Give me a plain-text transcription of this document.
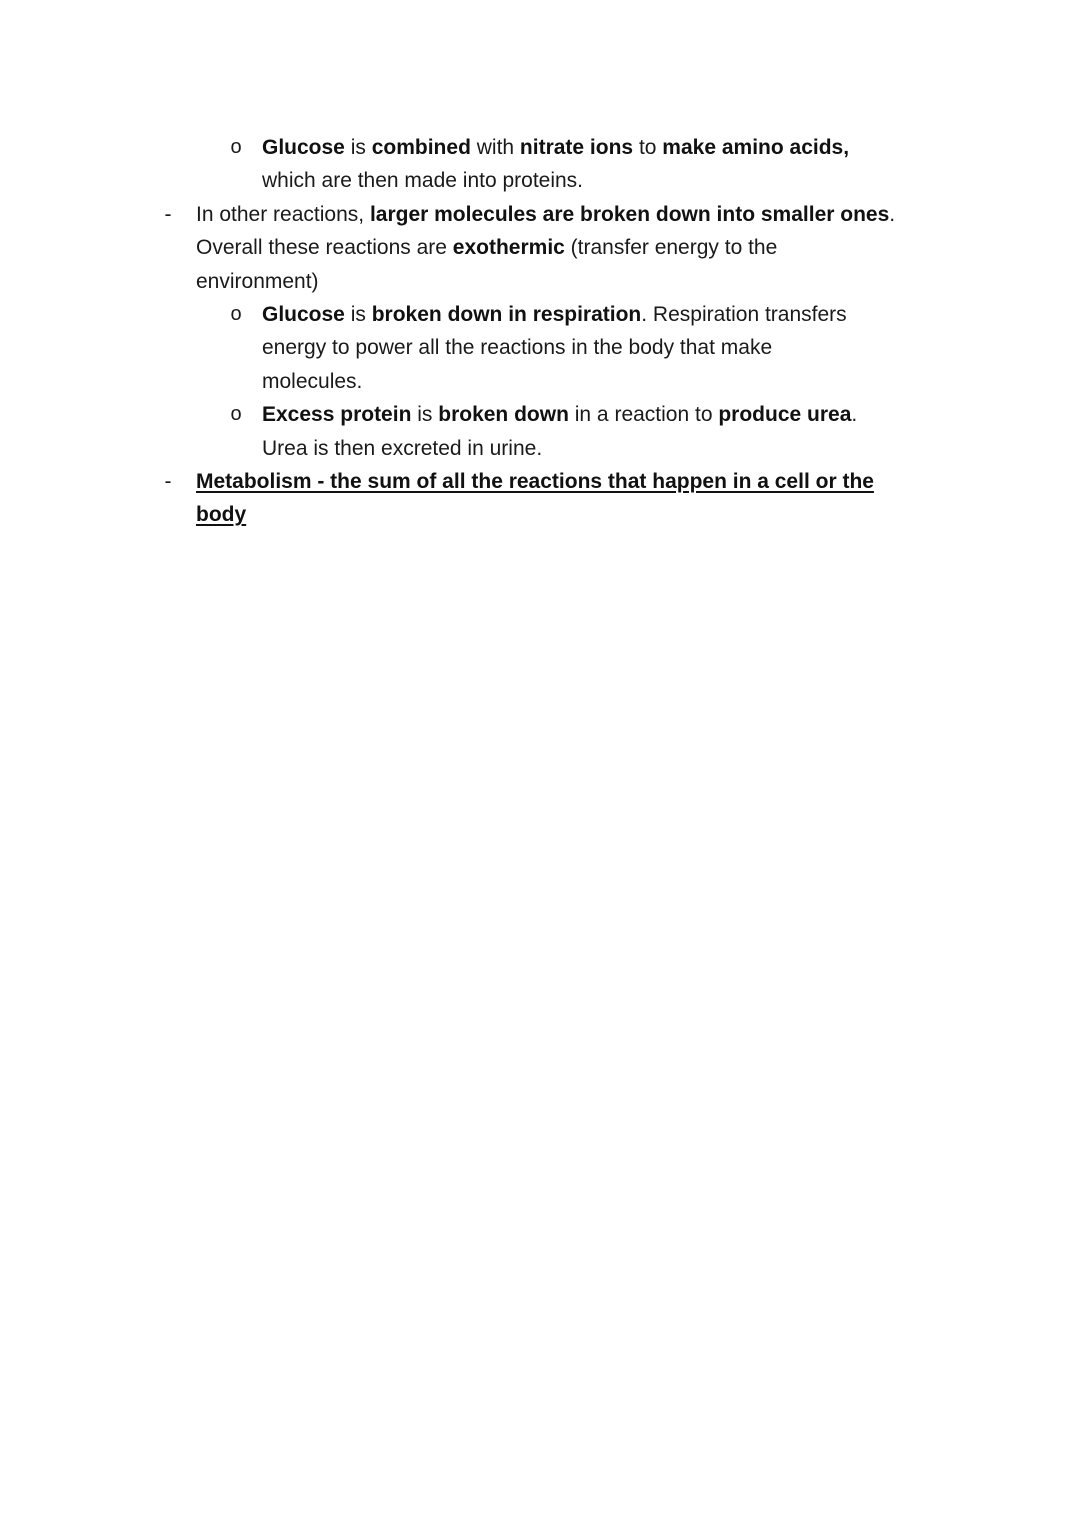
o Glucose is combined with nitrate ions to make amino acids,
which are then made into proteins.
- In other reactions, larger molecules are broken down into smaller ones.
Overall these reactions are exothermic (transfer energy to the
environment)
o Glucose is broken down in respiration. Respiration transfers
energy to power all the reactions in the body that make
molecules.
o Excess protein is broken down in a reaction to produce urea.
Urea is then excreted in urine.
- Metabolism - the sum of all the reactions that happen in a cell or the
body
